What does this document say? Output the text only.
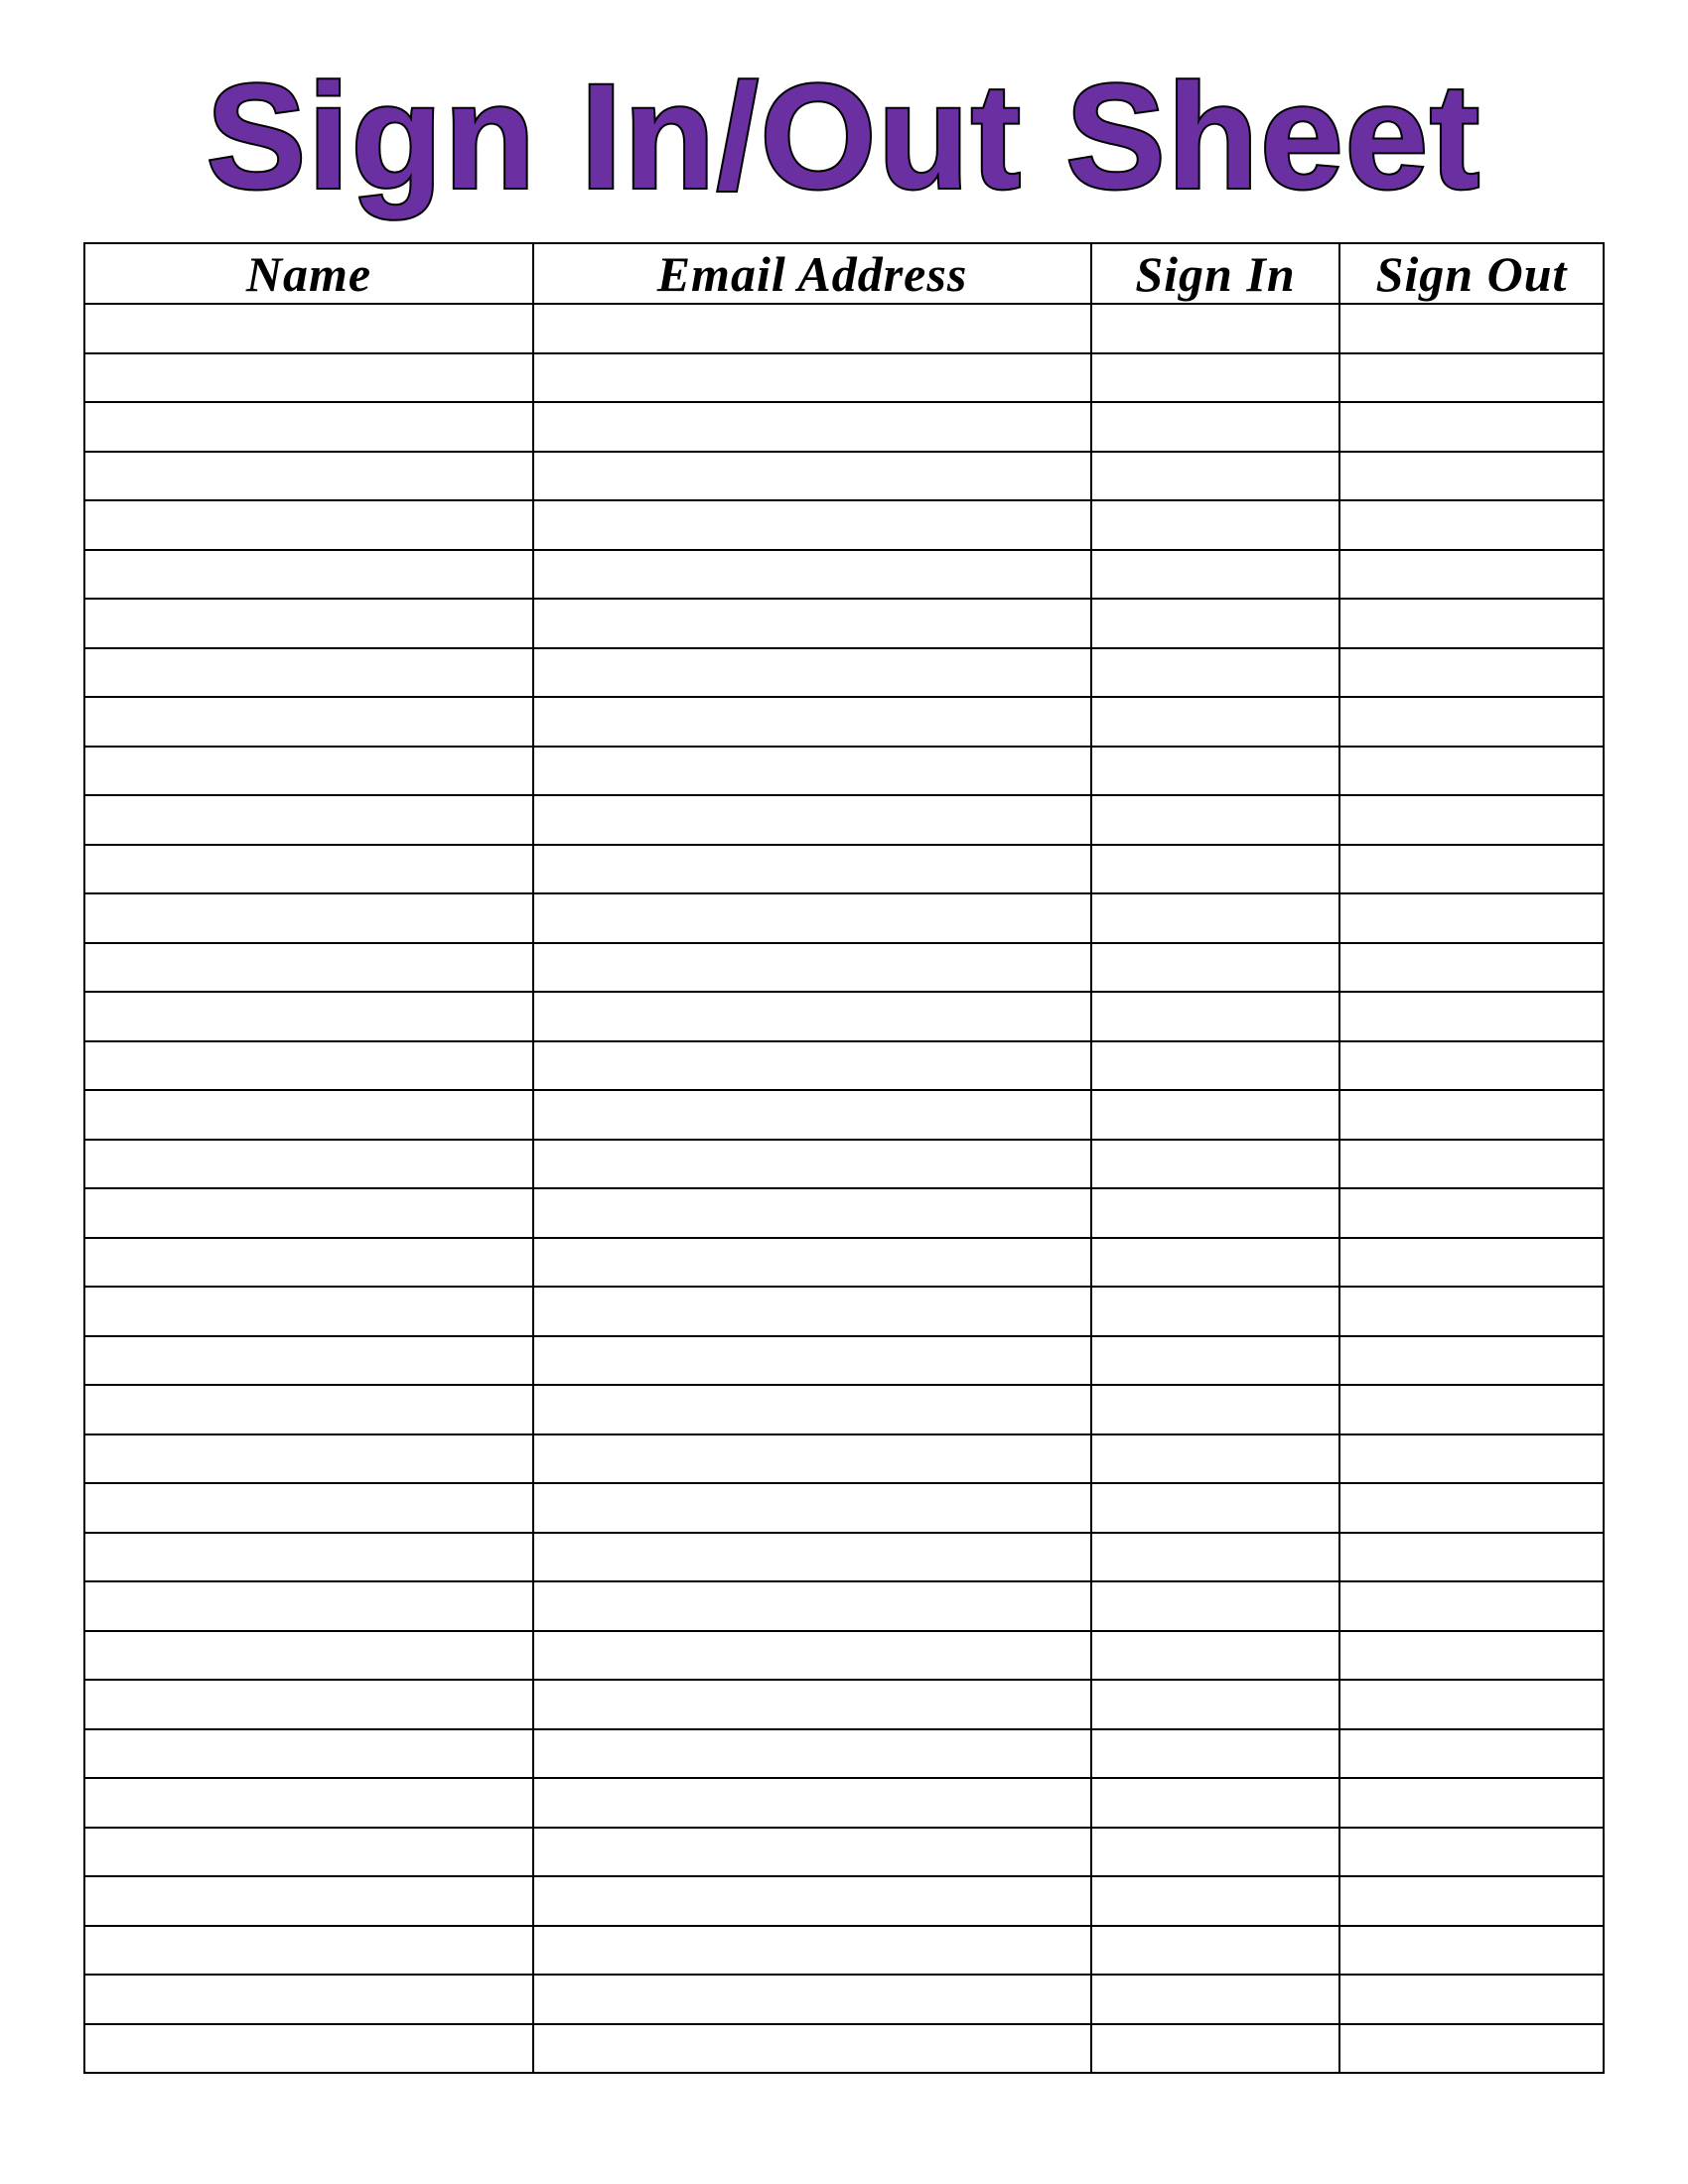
Sign In/Out Sheet
Name	Email Address	Sign In	Sign Out
